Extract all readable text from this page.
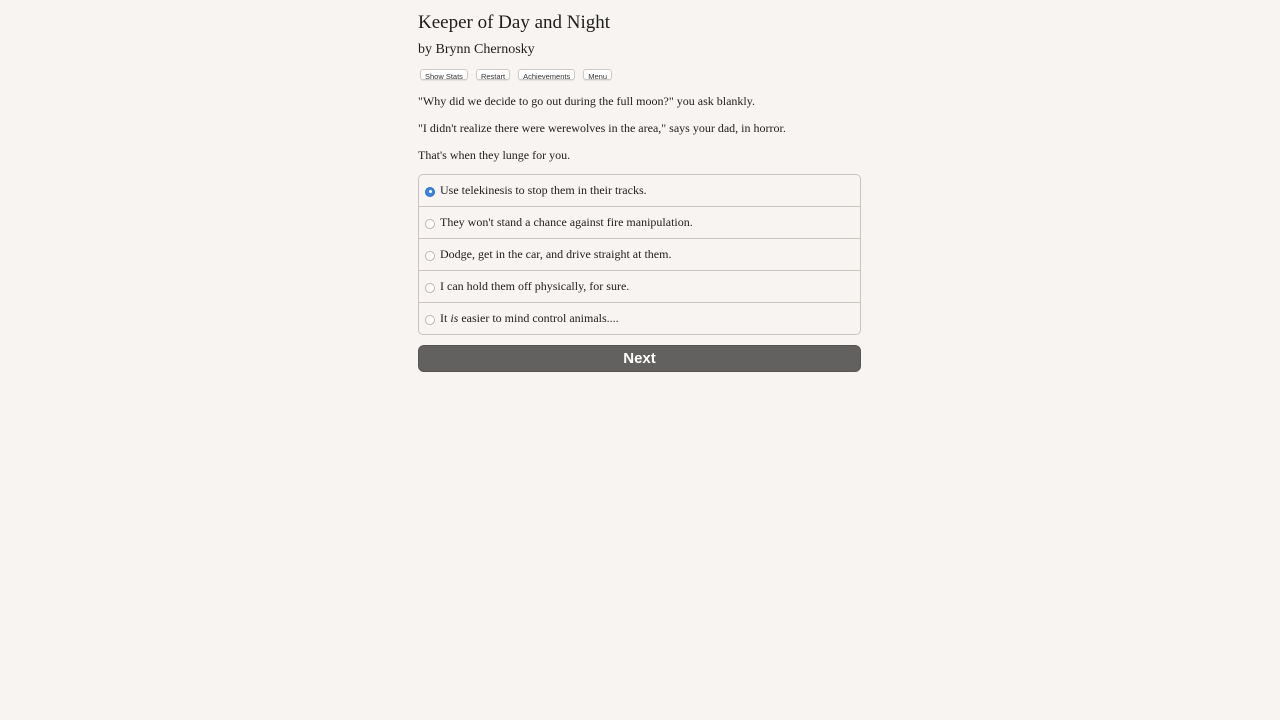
Keeper of Day and Night
by Brynn Chernosky
Show Stats	Restart	Achievements	Menu
"Why did we decide to go out during the full moon?" you ask blankly.
"I didn't realize there were werewolves in the area," says your dad, in horror.
That's when they lunge for you.
Use telekinesis to stop them in their tracks.
They won't stand a chance against fire manipulation.
Dodge, get in the car, and drive straight at them.
I can hold them off physically, for sure.
It is easier to mind control animals....
Next
